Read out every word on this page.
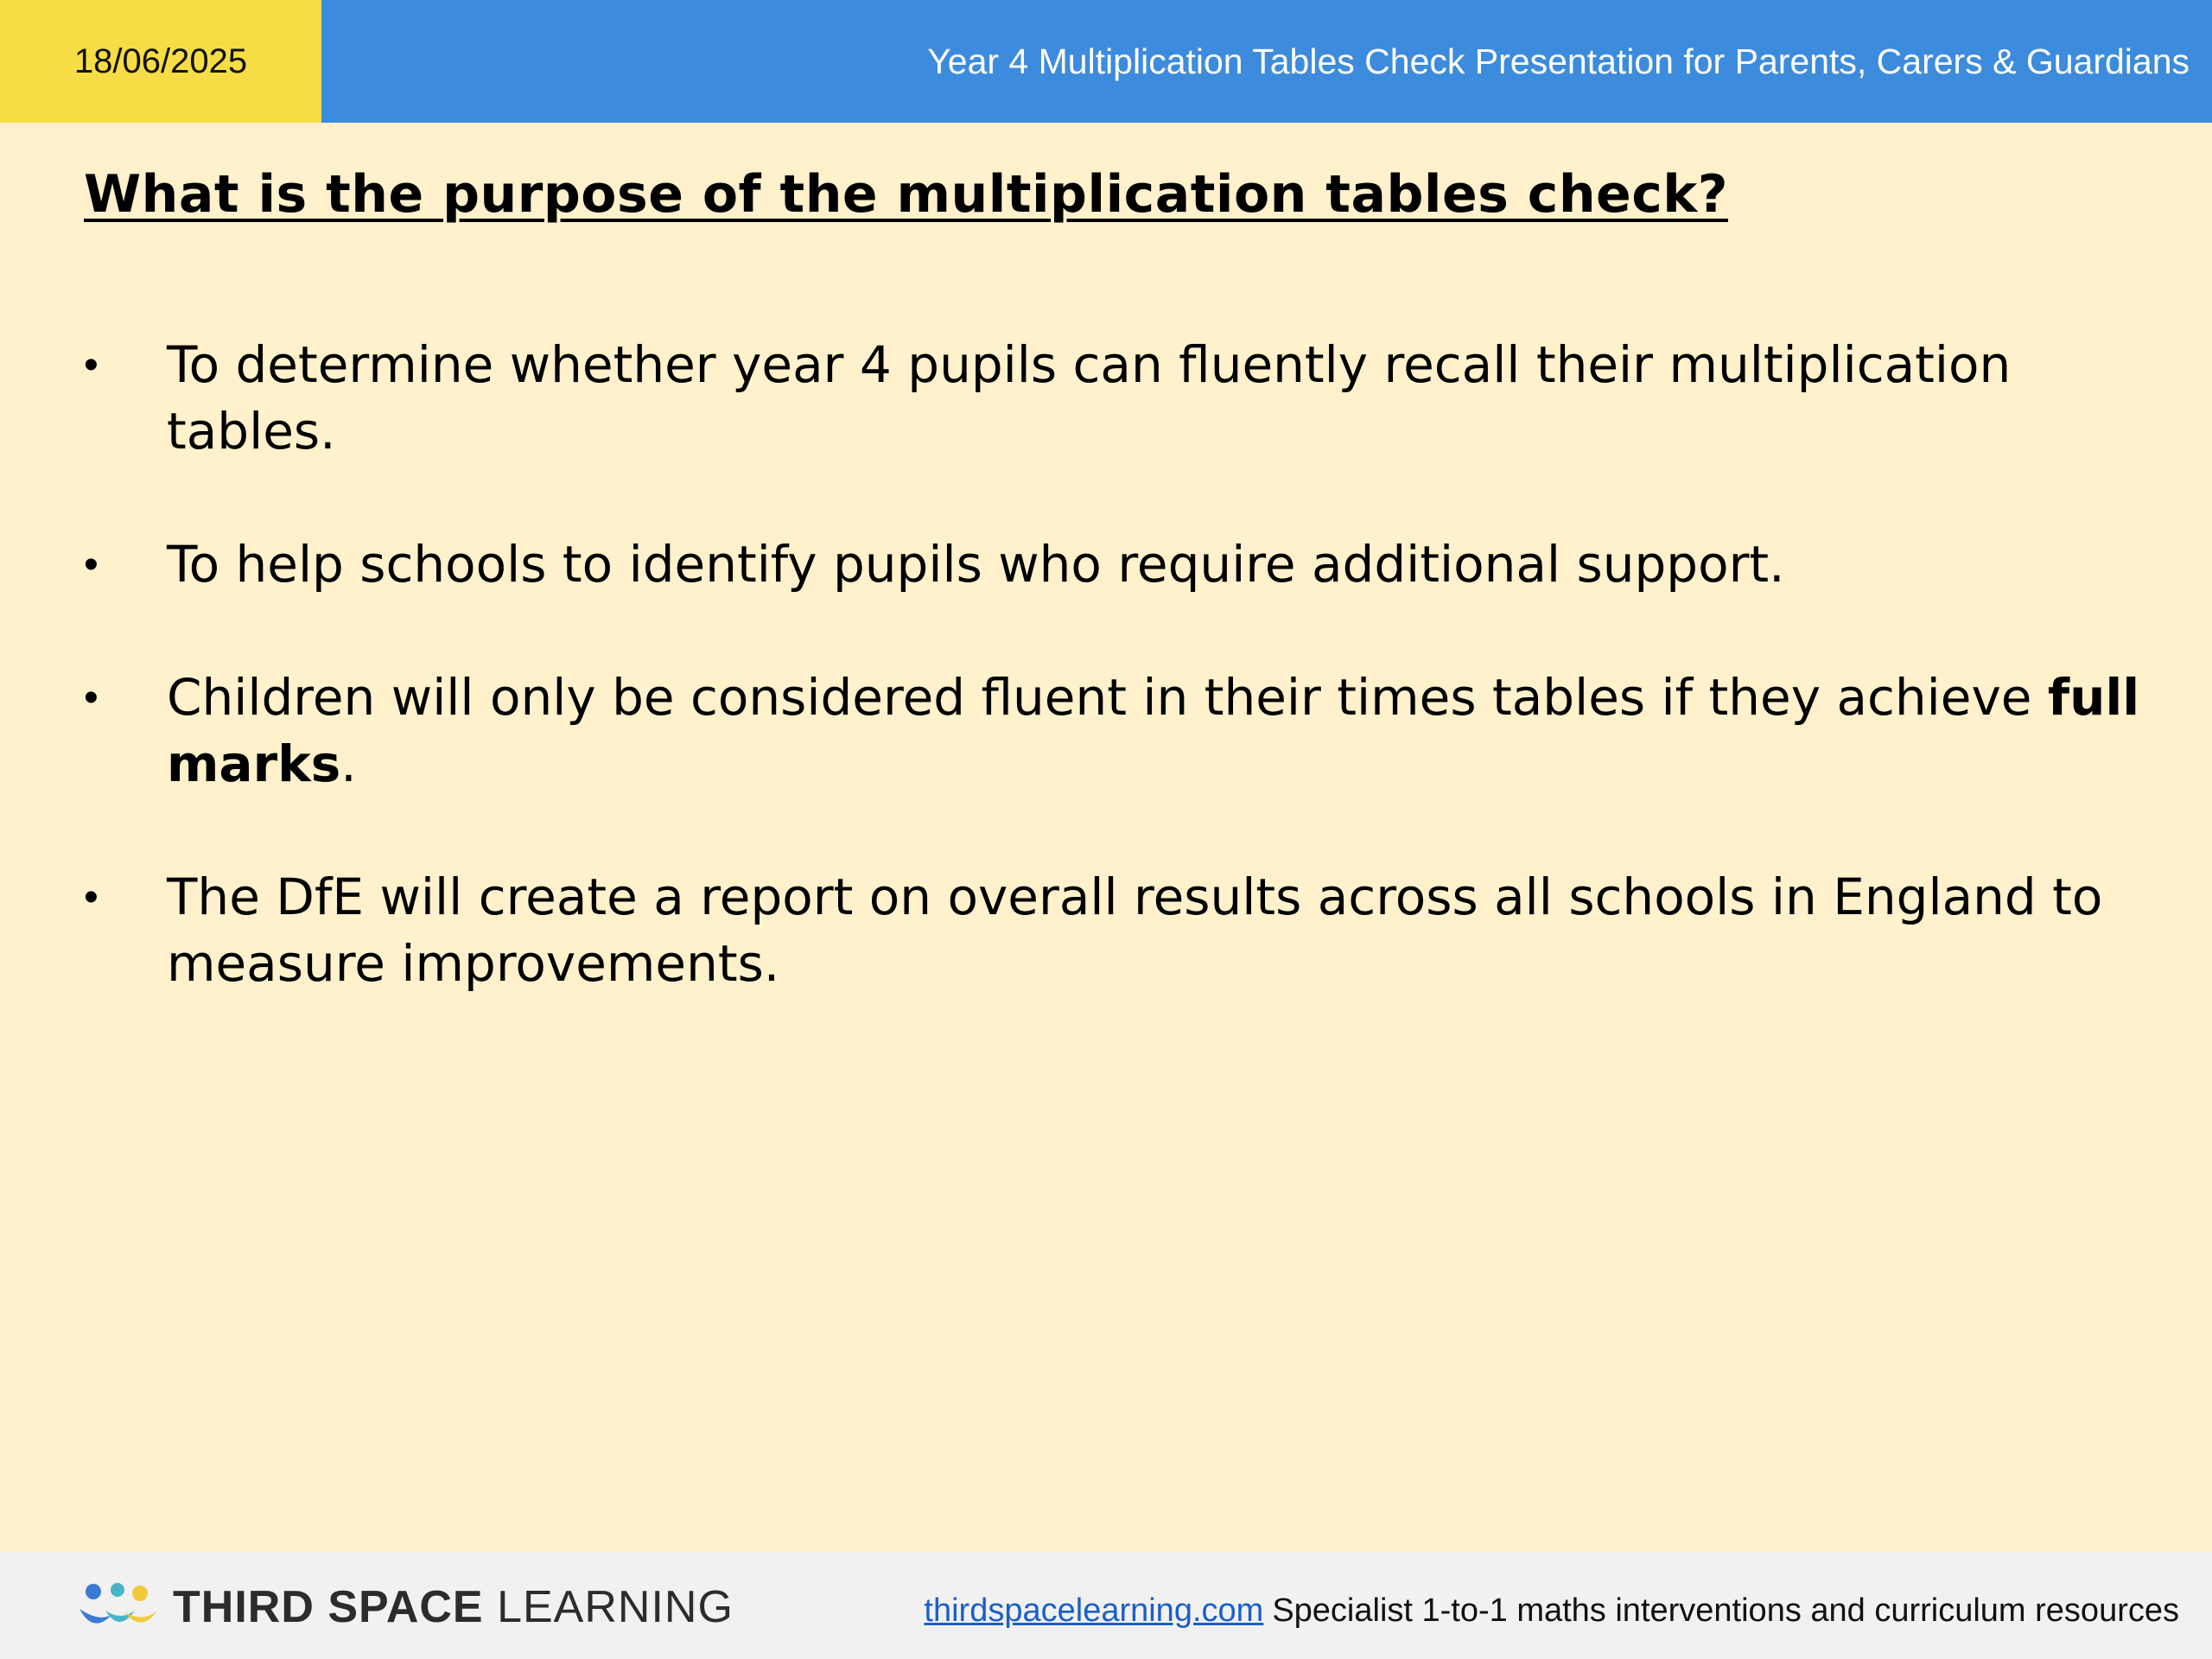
18/06/2025	Year 4 Multiplication Tables Check Presentation for Parents, Carers & Guardians
What is the purpose of the multiplication tables check?
• To determine whether year 4 pupils can fluently recall their multiplication tables.
• To help schools to identify pupils who require additional support.
• Children will only be considered fluent in their times tables if they achieve full marks.
• The DfE will create a report on overall results across all schools in England to measure improvements.
THIRD SPACE LEARNING	thirdspacelearning.com Specialist 1-to-1 maths interventions and curriculum resources
